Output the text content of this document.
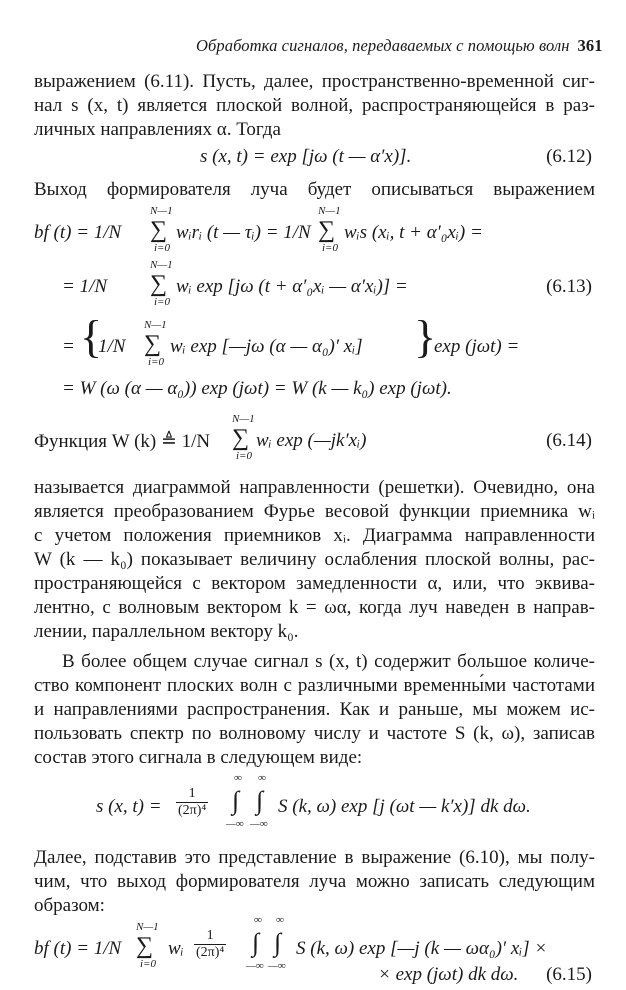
Обработка сигналов, передаваемых с помощью волн 361
выражением (6.11). Пусть, далее, пространственно-временной сиг-
нал s (x, t) является плоской волной, распространяющейся в раз-
личных направлениях α. Тогда
s (x, t) = exp [jω (t — α′x)].	(6.12)
Выход формирователя луча будет описываться выражением
bf (t) = 1/N
N—1
∑
i=0
wᵢrᵢ (t — τᵢ) = 1/N
N—1
∑
i=0
wᵢs (xᵢ, t + α′₀xᵢ) =
= 1/N
N—1
∑
i=0
wᵢ exp [jω (t + α′₀xᵢ — α′xᵢ)] =	(6.13)
= {
1/N
N—1
∑
i=0
wᵢ exp [—jω (α — α₀)′ xᵢ] }
exp (jωt) =
= W (ω (α — α₀)) exp (jωt) = W (k — k₀) exp (jωt).
Функция W (k) ≜ 1/N
N—1
∑
i=0
wᵢ exp (—jk′xᵢ)	(6.14)
называется диаграммой направленности (решетки). Очевидно, она
является преобразованием Фурье весовой функции приемника wᵢ
с учетом положения приемников xᵢ. Диаграмма направленности
W (k — k₀) показывает величину ослабления плоской волны, рас-
пространяющейся с вектором замедленности α, или, что эквива-
лентно, с волновым вектором k = ωα, когда луч наведен в направ-
лении, параллельном вектору k₀.
В более общем случае сигнал s (x, t) содержит большое количе-
ство компонент плоских волн с различными временны́ми частотами
и направлениями распространения. Как и раньше, мы можем ис-
пользовать спектр по волновому числу и частоте S (k, ω), записав
состав этого сигнала в следующем виде:
s (x, $t) = \frac{1}{\text{(2π)⁴}}$
∞
∫
—∞
∞
∫
—∞
S (k, ω) exp [j (ωt — k′x)] dk dω.
Далее, подставив это представление в выражение (6.10), мы полу-
чим, что выход формирователя луча можно записать следующим
образом:
bf (t) = 1/N
N—1
∑
i=0
wᵢ $\frac{1}{\text{(2π)⁴}}$
∞
∫
—∞
∞
∫
—∞
S (k, ω) exp [—j (k — ωα₀)′ xᵢ] ×
× exp (jωt) dk dω. (6.15)
